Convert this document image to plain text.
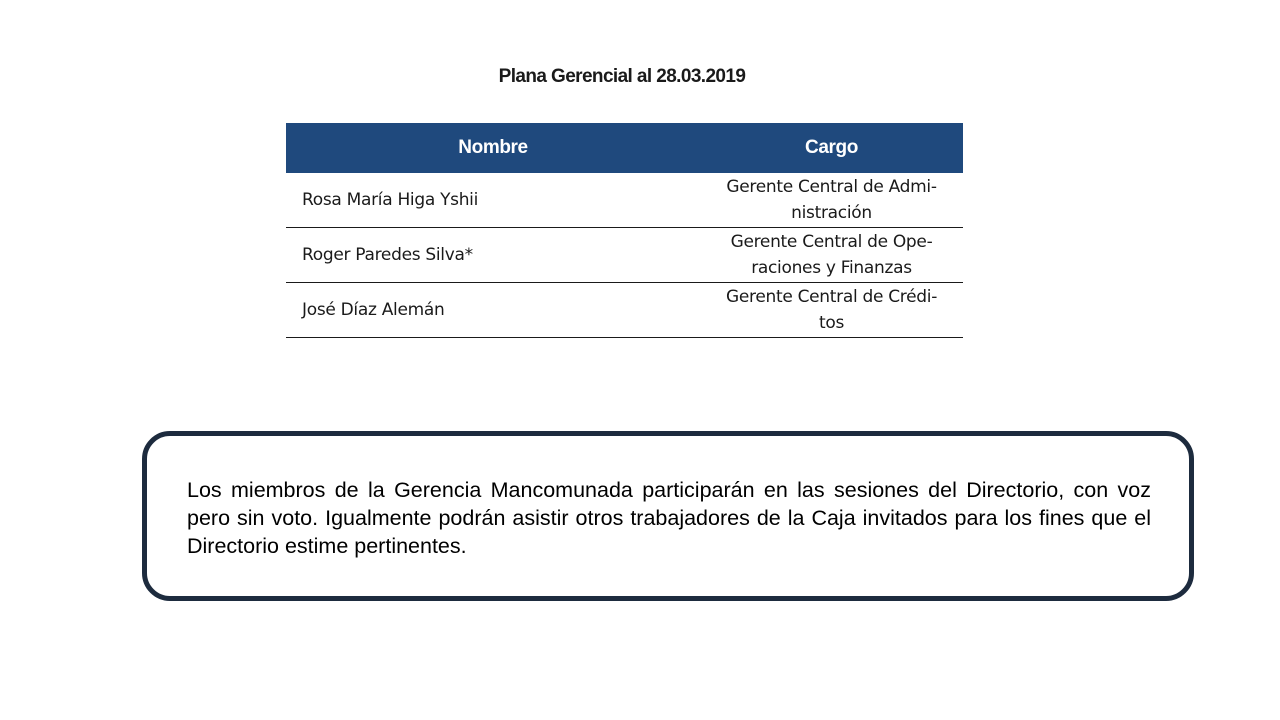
Plana Gerencial al 28.03.2019
Nombre	Cargo
Rosa María Higa Yshii	Gerente Central de Admi-
nistración

Roger Paredes Silva*	Gerente Central de Ope-
raciones y Finanzas

José Díaz Alemán	Gerente Central de Crédi-
tos

Los miembros de la Gerencia Mancomunada participarán en las sesiones del Directorio, con voz pero sin voto. Igualmente podrán asistir otros trabajadores de la Caja invitados para los fines que el Directorio estime pertinentes.
